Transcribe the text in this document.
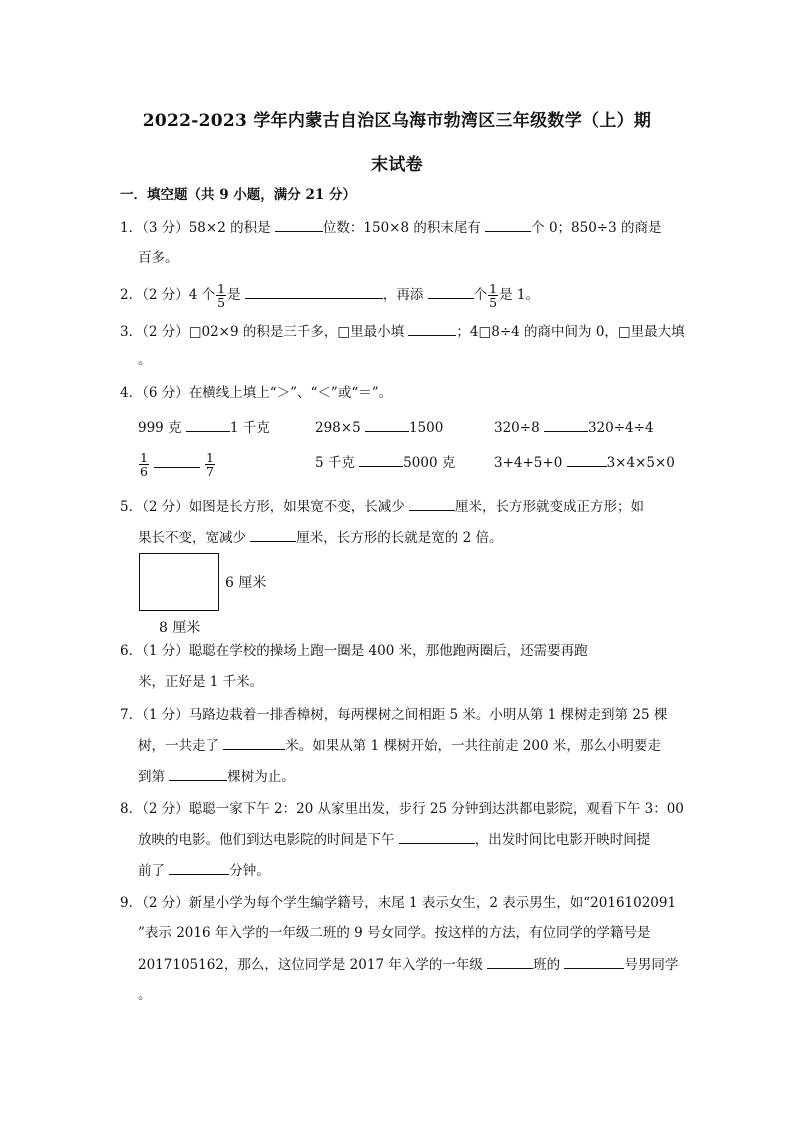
2022-2023 学年内蒙古自治区乌海市勃湾区三年级数学（上）期
末试卷
一．填空题（共 9 小题，满分 21 分）
1．（3 分）58×2 的积是	位数：150×8 的积末尾有	个 0；850÷3 的商是
百多。
2．（2 分）4 个 $\frac{1}{5}$ 是	，再添	个 $\frac{1}{5}$ 是 1。
3．（2 分）□02×9 的积是三千多，□里最小填	；4□8÷4 的商中间为 0，□里最大填
。
4．（6 分）在横线上填上“＞”、“＜”或“＝”。
999 克	1 千克	298×5	1500	320÷8	320÷4÷4
$\frac{1}{6}$	$\frac{1}{7}$	5 千克	5000 克	3+4+5+0	3×4×5×0
5．（2 分）如图是长方形，如果宽不变，长减少	厘米，长方形就变成正方形；如
果长不变，宽减少	厘米，长方形的长就是宽的 2 倍。
6 厘米
8 厘米
6．（1 分）聪聪在学校的操场上跑一圈是 400 米，那他跑两圈后，还需要再跑
米，正好是 1 千米。
7．（1 分）马路边栽着一排香樟树，每两棵树之间相距 5 米。小明从第 1 棵树走到第 25 棵
树，一共走了	米。如果从第 1 棵树开始，一共往前走 200 米，那么小明要走
到第	棵树为止。
8．（2 分）聪聪一家下午 2：20 从家里出发，步行 25 分钟到达洪都电影院，观看下午 3：00
放映的电影。他们到达电影院的时间是下午	，出发时间比电影开映时间提
前了	分钟。
9．（2 分）新星小学为每个学生编学籍号，末尾 1 表示女生，2 表示男生，如“2016102091
”表示 2016 年入学的一年级二班的 9 号女同学。按这样的方法，有位同学的学籍号是
2017105162，那么，这位同学是 2017 年入学的一年级	班的	号男同学
。
